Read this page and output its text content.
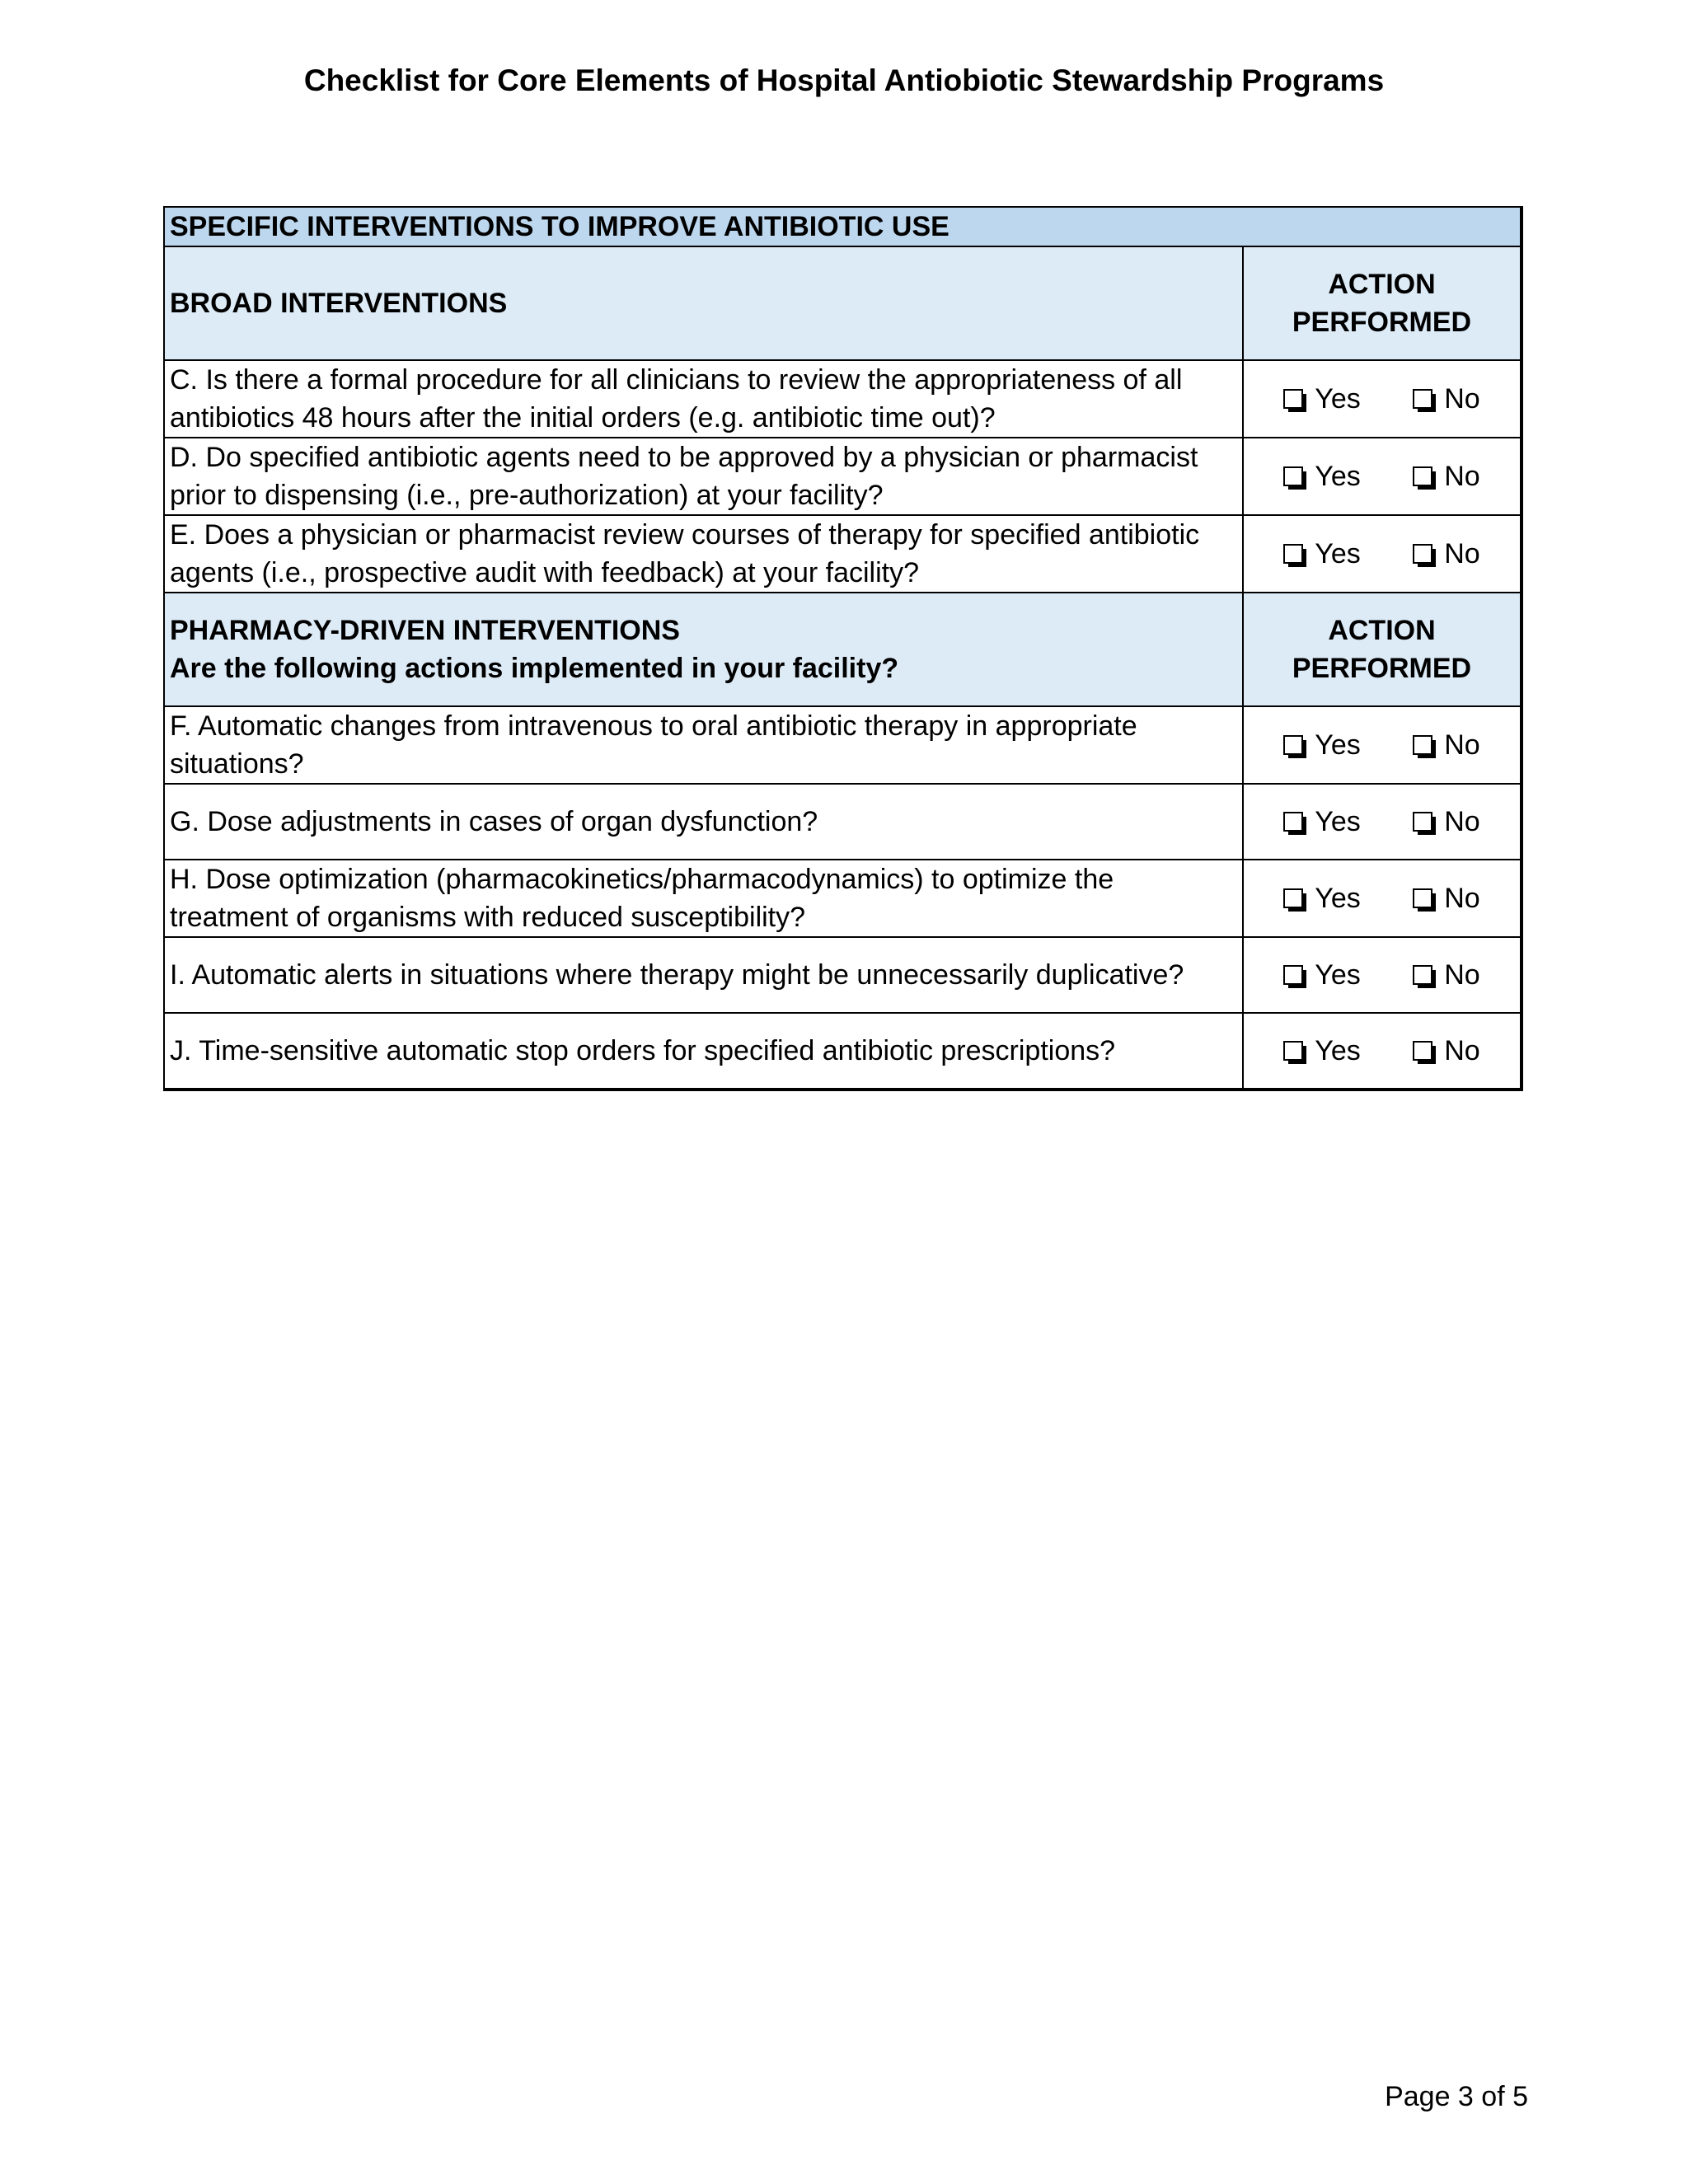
Checklist for Core Elements of Hospital Antiobiotic Stewardship Programs
SPECIFIC INTERVENTIONS TO IMPROVE ANTIBIOTIC USE	
BROAD INTERVENTIONS	ACTION
PERFORMED
C. Is there a formal procedure for all clinicians to review the appropriateness of all antibiotics 48 hours after the initial orders (e.g. antibiotic time out)?	Yes No
D. Do specified antibiotic agents need to be approved by a physician or pharmacist prior to dispensing (i.e., pre-authorization) at your facility?	Yes No
E. Does a physician or pharmacist review courses of therapy for specified antibiotic agents (i.e., prospective audit with feedback) at your facility?	Yes No
PHARMACY-DRIVEN INTERVENTIONS
Are the following actions implemented in your facility?	ACTION
PERFORMED
F. Automatic changes from intravenous to oral antibiotic therapy in appropriate situations?	Yes No
G. Dose adjustments in cases of organ dysfunction?	Yes No
H. Dose optimization (pharmacokinetics/pharmacodynamics) to optimize the treatment of organisms with reduced susceptibility?	Yes No
I. Automatic alerts in situations where therapy might be unnecessarily duplicative?	Yes No
J. Time-sensitive automatic stop orders for specified antibiotic prescriptions?	Yes No
Page 3 of 5
